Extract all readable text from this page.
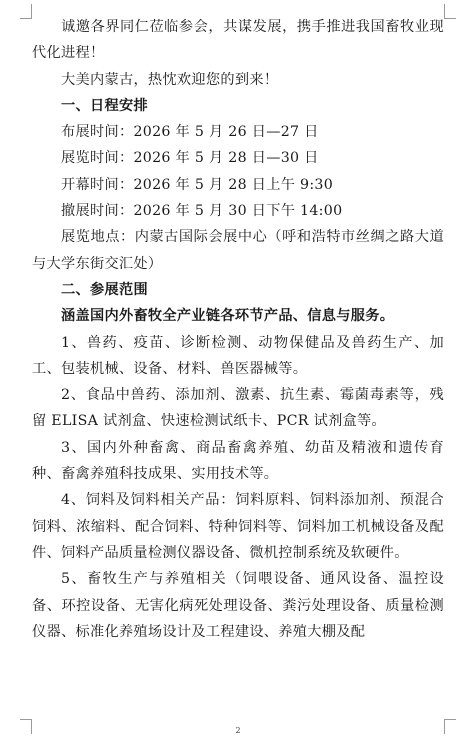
诚邀各界同仁莅临参会，共谋发展，携手推进我国畜牧业现代化进程！

大美内蒙古，热忱欢迎您的到来！

一、日程安排

布展时间：2026 年 5 月 26 日—27 日

展览时间：2026 年 5 月 28 日—30 日

开幕时间：2026 年 5 月 28 日上午 9:30

撤展时间：2026 年 5 月 30 日下午 14:00

展览地点：内蒙古国际会展中心（呼和浩特市丝绸之路大道与大学东街交汇处）

二、参展范围

涵盖国内外畜牧全产业链各环节产品、信息与服务。

1、兽药、疫苗、诊断检测、动物保健品及兽药生产、加工、包装机械、设备、材料、兽医器械等。

2、食品中兽药、添加剂、激素、抗生素、霉菌毒素等，残留 ELISA 试剂盒、快速检测试纸卡、PCR 试剂盒等。

3、国内外种畜禽、商品畜禽养殖、幼苗及精液和遗传育种、畜禽养殖科技成果、实用技术等。

4、饲料及饲料相关产品：饲料原料、饲料添加剂、预混合饲料、浓缩料、配合饲料、特种饲料等、饲料加工机械设备及配件、饲料产品质量检测仪器设备、微机控制系统及软硬件。

5、畜牧生产与养殖相关（饲喂设备、通风设备、温控设备、环控设备、无害化病死处理设备、粪污处理设备、质量检测仪器、标准化养殖场设计及工程建设、养殖大棚及配

2
